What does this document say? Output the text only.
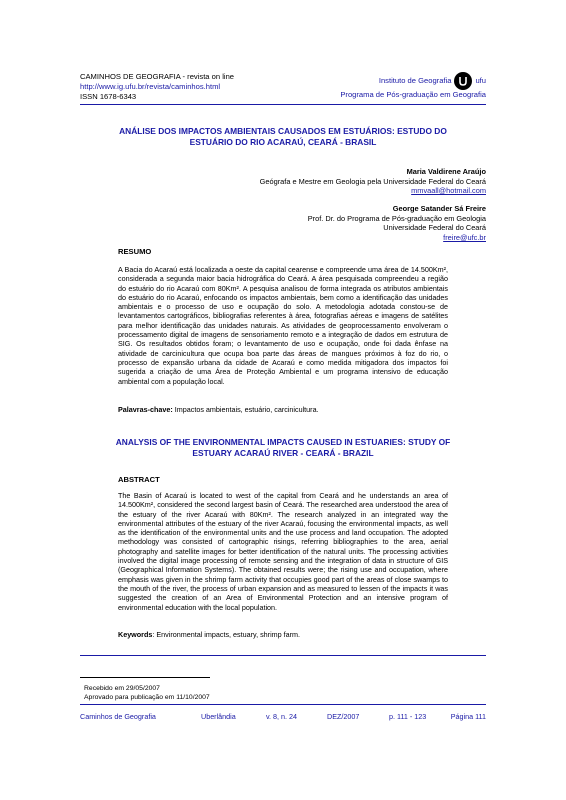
CAMINHOS DE GEOGRAFIA - revista on line
http://www.ig.ufu.br/revista/caminhos.html
ISSN 1678-6343
Instituto de Geografia	ufu
Programa de Pós-graduação em Geografia
ANÁLISE DOS IMPACTOS AMBIENTAIS CAUSADOS EM ESTUÁRIOS: ESTUDO DO
ESTUÁRIO DO RIO ACARAÚ, CEARÁ - BRASIL
Maria Valdirene Araújo
Geógrafa e Mestre em Geologia pela Universidade Federal do Ceará
mmvaall@hotmail.com
George Satander Sá Freire
Prof. Dr. do Programa de Pós-graduação em Geologia
Universidade Federal do Ceará
freire@ufc.br
RESUMO
A Bacia do Acaraú está localizada a oeste da capital cearense e compreende uma área de 14.500Km², considerada a segunda maior bacia hidrográfica do Ceará. A área pesquisada compreendeu a região do estuário do rio Acaraú com 80Km². A pesquisa analisou de forma integrada os atributos ambientais do estuário do rio Acaraú, enfocando os impactos ambientais, bem como a identificação das unidades ambientais e o processo de uso e ocupação do solo. A metodologia adotada constou-se de levantamentos cartográficos, bibliografias referentes à área, fotografias aéreas e imagens de satélites para melhor identificação das unidades naturais. As atividades de geoprocessamento envolveram o processamento digital de imagens de sensoriamento remoto e a integração de dados em estrutura de SIG. Os resultados obtidos foram; o levantamento de uso e ocupação, onde foi dada ênfase na atividade de carcinicultura que ocupa boa parte das áreas de mangues próximos à foz do rio, o processo de expansão urbana da cidade de Acaraú e como medida mitigadora dos impactos foi sugerida a criação de uma Área de Proteção Ambiental e um programa intensivo de educação ambiental com a população local.
Palavras-chave: Impactos ambientais, estuário, carcinicultura.
ANALYSIS OF THE ENVIRONMENTAL IMPACTS CAUSED IN ESTUARIES: STUDY OF
ESTUARY ACARAÚ RIVER - CEARÁ - BRAZIL
ABSTRACT
The Basin of Acaraú is located to west of the capital from Ceará and he understands an area of 14.500Km², considered the second largest basin of Ceará. The researched area understood the area of the estuary of the river Acaraú with 80Km². The research analyzed in an integrated way the environmental attributes of the estuary of the river Acaraú, focusing the environmental impacts, as well as the identification of the environmental units and the use process and land occupation. The adopted methodology was consisted of cartographic risings, referring bibliographies to the area, aerial photography and satellite images for better identification of the natural units. The processing activities involved the digital image processing of remote sensing and the integration of data in structure of GIS (Geographical Information Systems). The obtained results were; the rising use and occupation, where emphasis was given in the shrimp farm activity that occupies good part of the areas of close swamps to the mouth of the river, the process of urban expansion and as measured to lessen of the impacts it was suggested the creation of an Area of Environmental Protection and an intensive program of environmental education with the local population.
Keywords: Environmental impacts, estuary, shrimp farm.
Recebido em 29/05/2007
Aprovado para publicação em 11/10/2007
Caminhos de Geografia	Uberlândia	v. 8, n. 24	DEZ/2007	p. 111 - 123	Página 111
